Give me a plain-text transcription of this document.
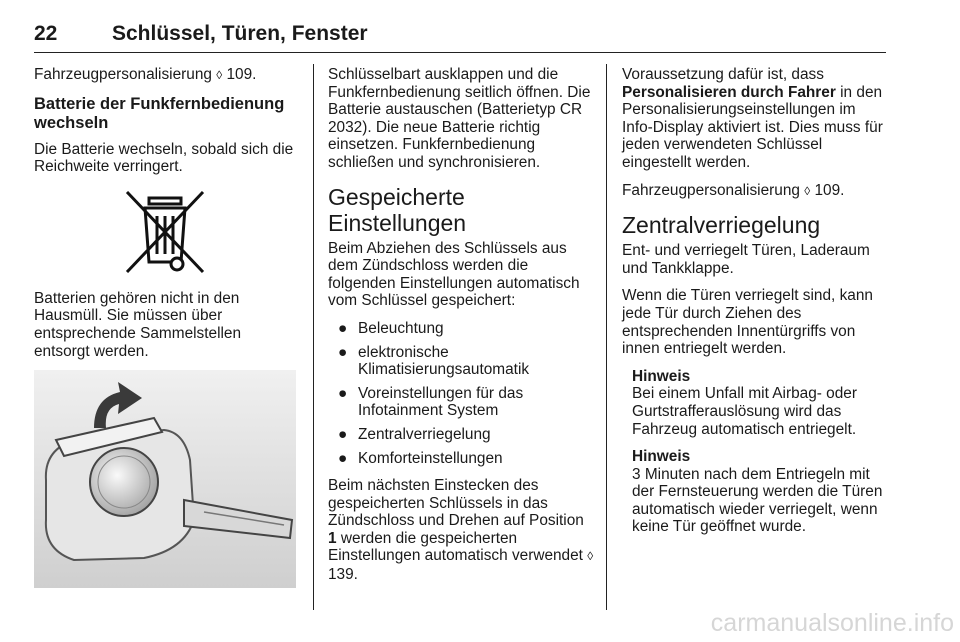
22	Schlüssel, Türen, Fenster

Fahrzeugpersonalisierung ◊ 109.

Batterie der Funkfernbedienung wechseln

Die Batterie wechseln, sobald sich die Reichweite verringert.

Batterien gehören nicht in den Hausmüll. Sie müssen über entsprechende Sammelstellen entsorgt werden.

Schlüsselbart ausklappen und die Funkfernbedienung seitlich öffnen. Die Batterie austauschen (Batterietyp CR 2032). Die neue Batterie richtig einsetzen. Funkfernbedienung schließen und synchronisieren.

Gespeicherte Einstellungen

Beim Abziehen des Schlüssels aus dem Zündschloss werden die folgenden Einstellungen automatisch vom Schlüssel gespeichert:

● Beleuchtung
● elektronische Klimatisierungsautomatik
● Voreinstellungen für das Infotainment System
● Zentralverriegelung
● Komforteinstellungen

Beim nächsten Einstecken des gespeicherten Schlüssels in das Zündschloss und Drehen auf Position 1 werden die gespeicherten Einstellungen automatisch verwendet ◊ 139.

Voraussetzung dafür ist, dass Personalisieren durch Fahrer in den Personalisierungseinstellungen im Info-Display aktiviert ist. Dies muss für jeden verwendeten Schlüssel eingestellt werden.

Fahrzeugpersonalisierung ◊ 109.

Zentralverriegelung

Ent- und verriegelt Türen, Laderaum und Tankklappe.

Wenn die Türen verriegelt sind, kann jede Tür durch Ziehen des entsprechenden Innentürgriffs von innen entriegelt werden.

Hinweis
Bei einem Unfall mit Airbag- oder Gurtstrafferauslösung wird das Fahrzeug automatisch entriegelt.
Hinweis
3 Minuten nach dem Entriegeln mit der Fernsteuerung werden die Türen automatisch wieder verriegelt, wenn keine Tür geöffnet wurde.
carmanualsonline.info
